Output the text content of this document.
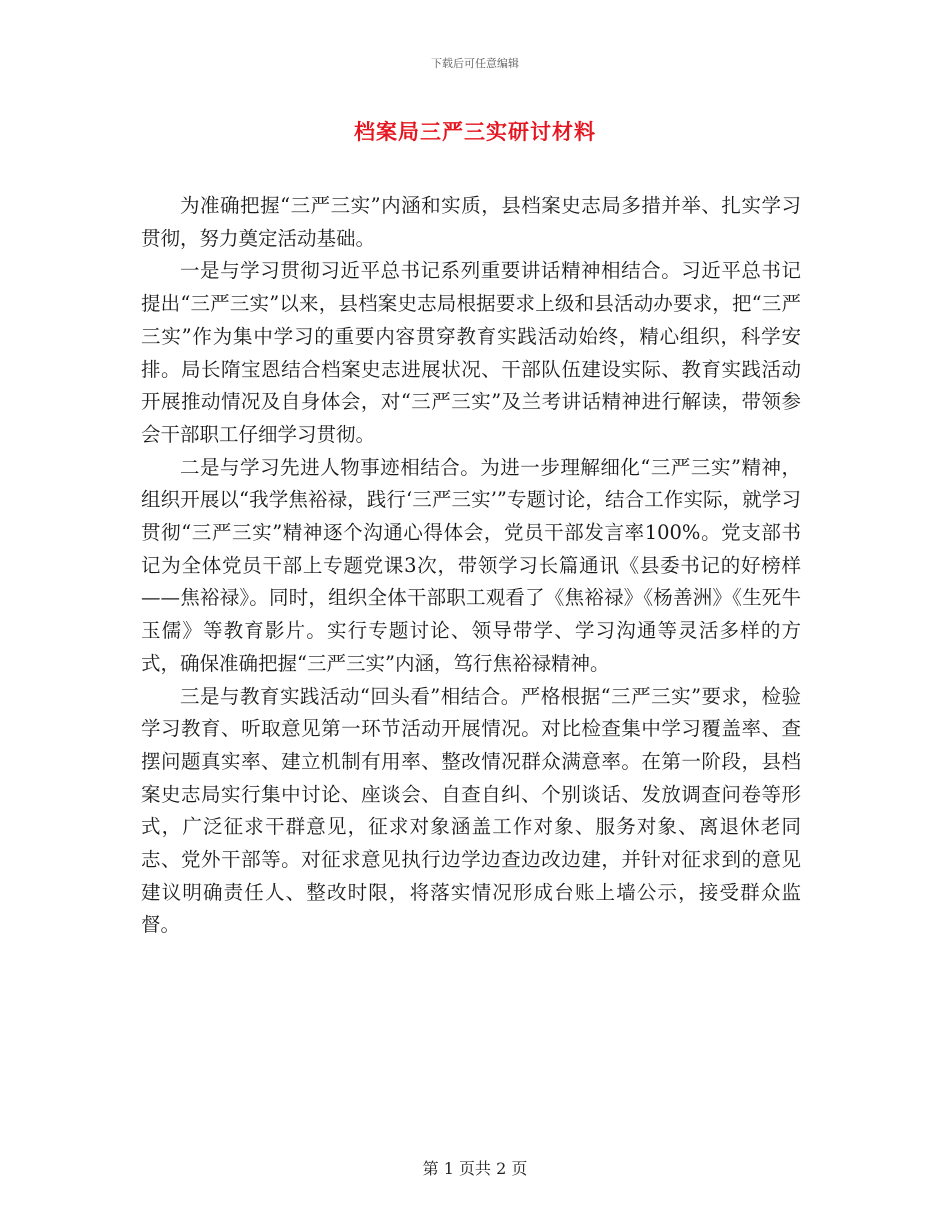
下载后可任意编辑
档案局三严三实研讨材料

为准确把握“三严三实”内涵和实质，县档案史志局多措并举、扎实学习贯彻，努力奠定活动基础。

一是与学习贯彻习近平总书记系列重要讲话精神相结合。习近平总书记提出“三严三实”以来，县档案史志局根据要求上级和县活动办要求，把“三严三实”作为集中学习的重要内容贯穿教育实践活动始终，精心组织，科学安排。局长隋宝恩结合档案史志进展状况、干部队伍建设实际、教育实践活动开展推动情况及自身体会，对“三严三实”及兰考讲话精神进行解读，带领参会干部职工仔细学习贯彻。

二是与学习先进人物事迹相结合。为进一步理解细化“三严三实”精神，组织开展以“我学焦裕禄，践行‘三严三实’”专题讨论，结合工作实际，就学习贯彻“三严三实”精神逐个沟通心得体会，党员干部发言率100%。党支部书记为全体党员干部上专题党课3次，带领学习长篇通讯《县委书记的好榜样——焦裕禄》。同时，组织全体干部职工观看了《焦裕禄》《杨善洲》《生死牛玉儒》等教育影片。实行专题讨论、领导带学、学习沟通等灵活多样的方式，确保准确把握“三严三实”内涵，笃行焦裕禄精神。

三是与教育实践活动“回头看”相结合。严格根据“三严三实”要求，检验学习教育、听取意见第一环节活动开展情况。对比检查集中学习覆盖率、查摆问题真实率、建立机制有用率、整改情况群众满意率。在第一阶段，县档案史志局实行集中讨论、座谈会、自查自纠、个别谈话、发放调查问卷等形式，广泛征求干群意见，征求对象涵盖工作对象、服务对象、离退休老同志、党外干部等。对征求意见执行边学边查边改边建，并针对征求到的意见建议明确责任人、整改时限，将落实情况形成台账上墙公示，接受群众监督。

第 1 页共 2 页
